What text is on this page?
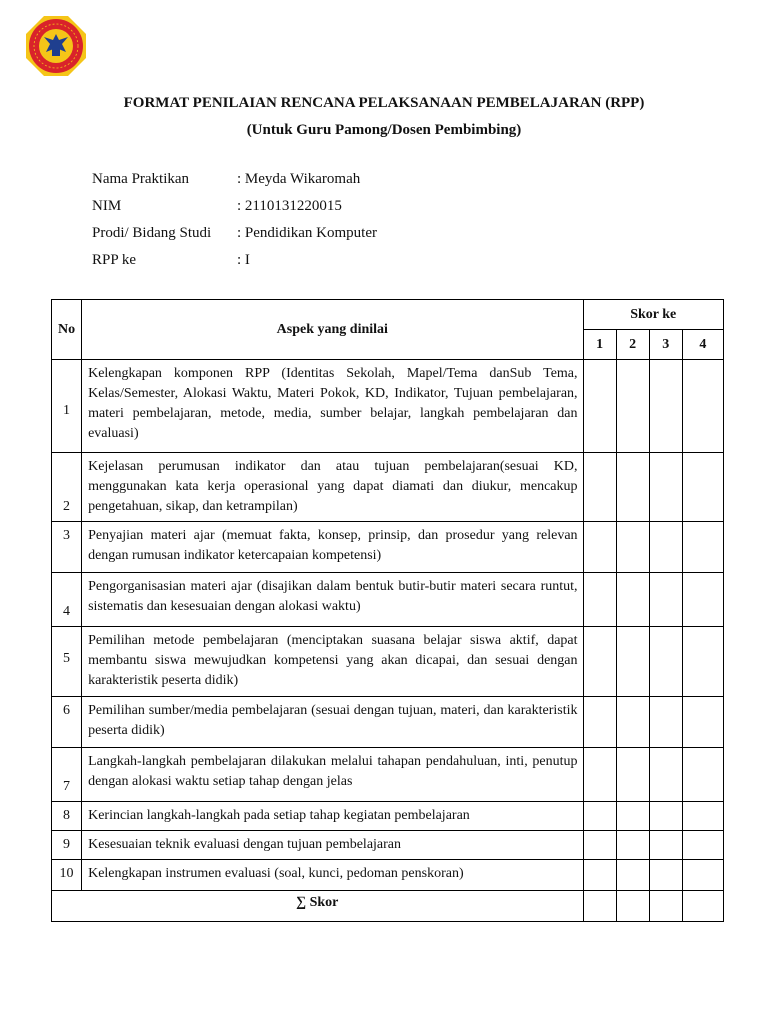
FORMAT PENILAIAN RENCANA PELAKSANAAN PEMBELAJARAN (RPP)
(Untuk Guru Pamong/Dosen Pembimbing)
Nama Praktikan	: Meyda Wikaromah
NIM	: 2110131220015
Prodi/ Bidang Studi	: Pendidikan Komputer
RPP ke	: I
No	Aspek yang dinilai	Skor ke			
		1	2	3	4
1	Kelengkapan komponen RPP (Identitas Sekolah, Mapel/Tema danSub Tema, Kelas/Semester, Alokasi Waktu, Materi Pokok, KD, Indikator, Tujuan pembelajaran, materi pembelajaran, metode, media, sumber belajar, langkah pembelajaran dan evaluasi)				
2	Kejelasan perumusan indikator dan atau tujuan pembelajaran(sesuai KD, menggunakan kata kerja operasional yang dapat diamati dan diukur, mencakup pengetahuan, sikap, dan ketrampilan)				
3	Penyajian materi ajar (memuat fakta, konsep, prinsip, dan prosedur yang relevan dengan rumusan indikator ketercapaian kompetensi)				
4	Pengorganisasian materi ajar (disajikan dalam bentuk butir-butir materi secara runtut, sistematis dan kesesuaian dengan alokasi waktu)				
5	Pemilihan metode pembelajaran (menciptakan suasana belajar siswa aktif, dapat membantu siswa mewujudkan kompetensi yang akan dicapai, dan sesuai dengan karakteristik peserta didik)				
6	Pemilihan sumber/media pembelajaran (sesuai dengan tujuan, materi, dan karakteristik peserta didik)				
7	Langkah-langkah pembelajaran dilakukan melalui tahapan pendahuluan, inti, penutup dengan alokasi waktu setiap tahap dengan jelas				
8	Kerincian langkah-langkah pada setiap tahap kegiatan pembelajaran				
9	Kesesuaian teknik evaluasi dengan tujuan pembelajaran				
10	Kelengkapan instrumen evaluasi (soal, kunci, pedoman penskoran)				
∑ Skor					
